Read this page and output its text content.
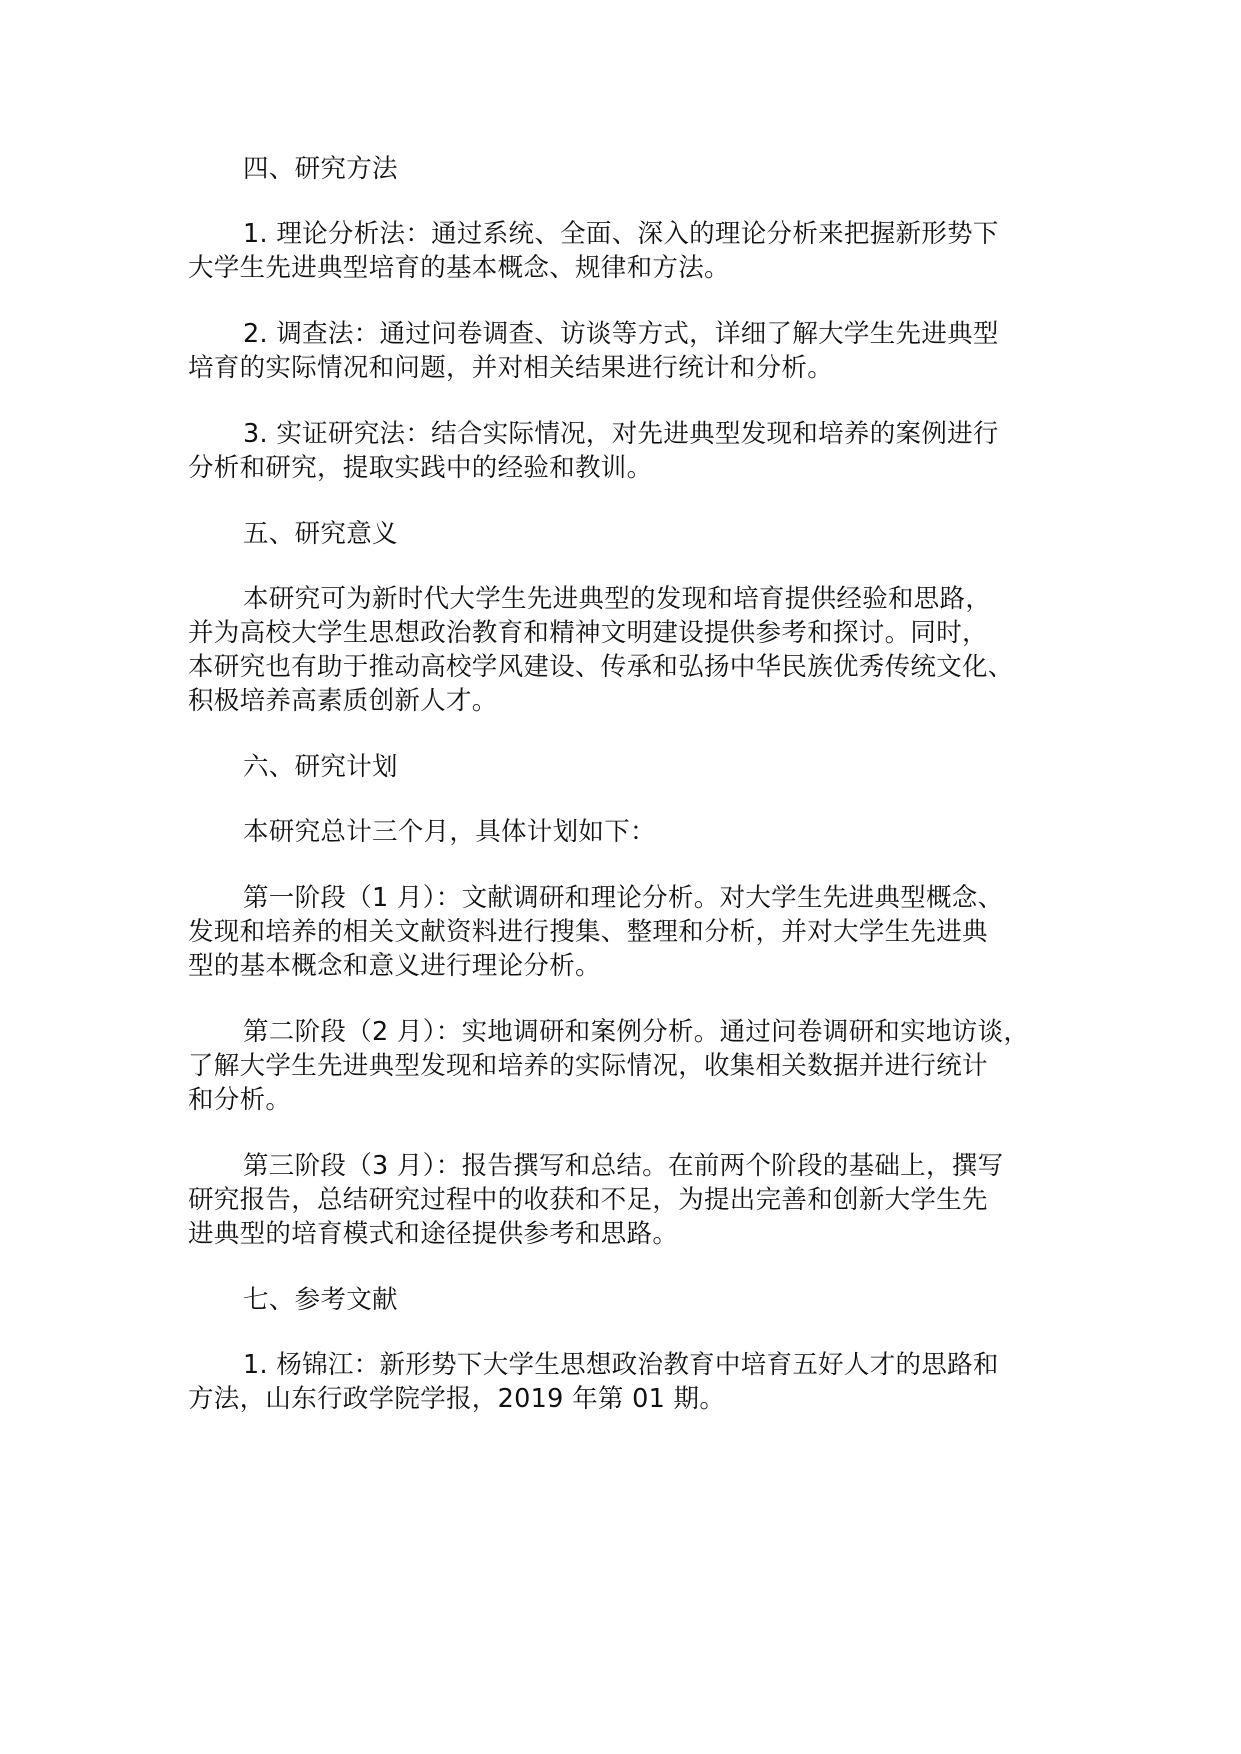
四、研究方法
1. 理论分析法：通过系统、全面、深入的理论分析来把握新形势下
大学生先进典型培育的基本概念、规律和方法。
2. 调查法：通过问卷调查、访谈等方式，详细了解大学生先进典型
培育的实际情况和问题，并对相关结果进行统计和分析。
3. 实证研究法：结合实际情况，对先进典型发现和培养的案例进行
分析和研究，提取实践中的经验和教训。
五、研究意义
本研究可为新时代大学生先进典型的发现和培育提供经验和思路，
并为高校大学生思想政治教育和精神文明建设提供参考和探讨。同时，
本研究也有助于推动高校学风建设、传承和弘扬中华民族优秀传统文化、
积极培养高素质创新人才。
六、研究计划
本研究总计三个月，具体计划如下：
第一阶段（1 月）：文献调研和理论分析。对大学生先进典型概念、
发现和培养的相关文献资料进行搜集、整理和分析，并对大学生先进典
型的基本概念和意义进行理论分析。
第二阶段（2 月）：实地调研和案例分析。通过问卷调研和实地访谈，
了解大学生先进典型发现和培养的实际情况，收集相关数据并进行统计
和分析。
第三阶段（3 月）：报告撰写和总结。在前两个阶段的基础上，撰写
研究报告，总结研究过程中的收获和不足，为提出完善和创新大学生先
进典型的培育模式和途径提供参考和思路。
七、参考文献
1. 杨锦江：新形势下大学生思想政治教育中培育五好人才的思路和
方法，山东行政学院学报，2019 年第 01 期。
